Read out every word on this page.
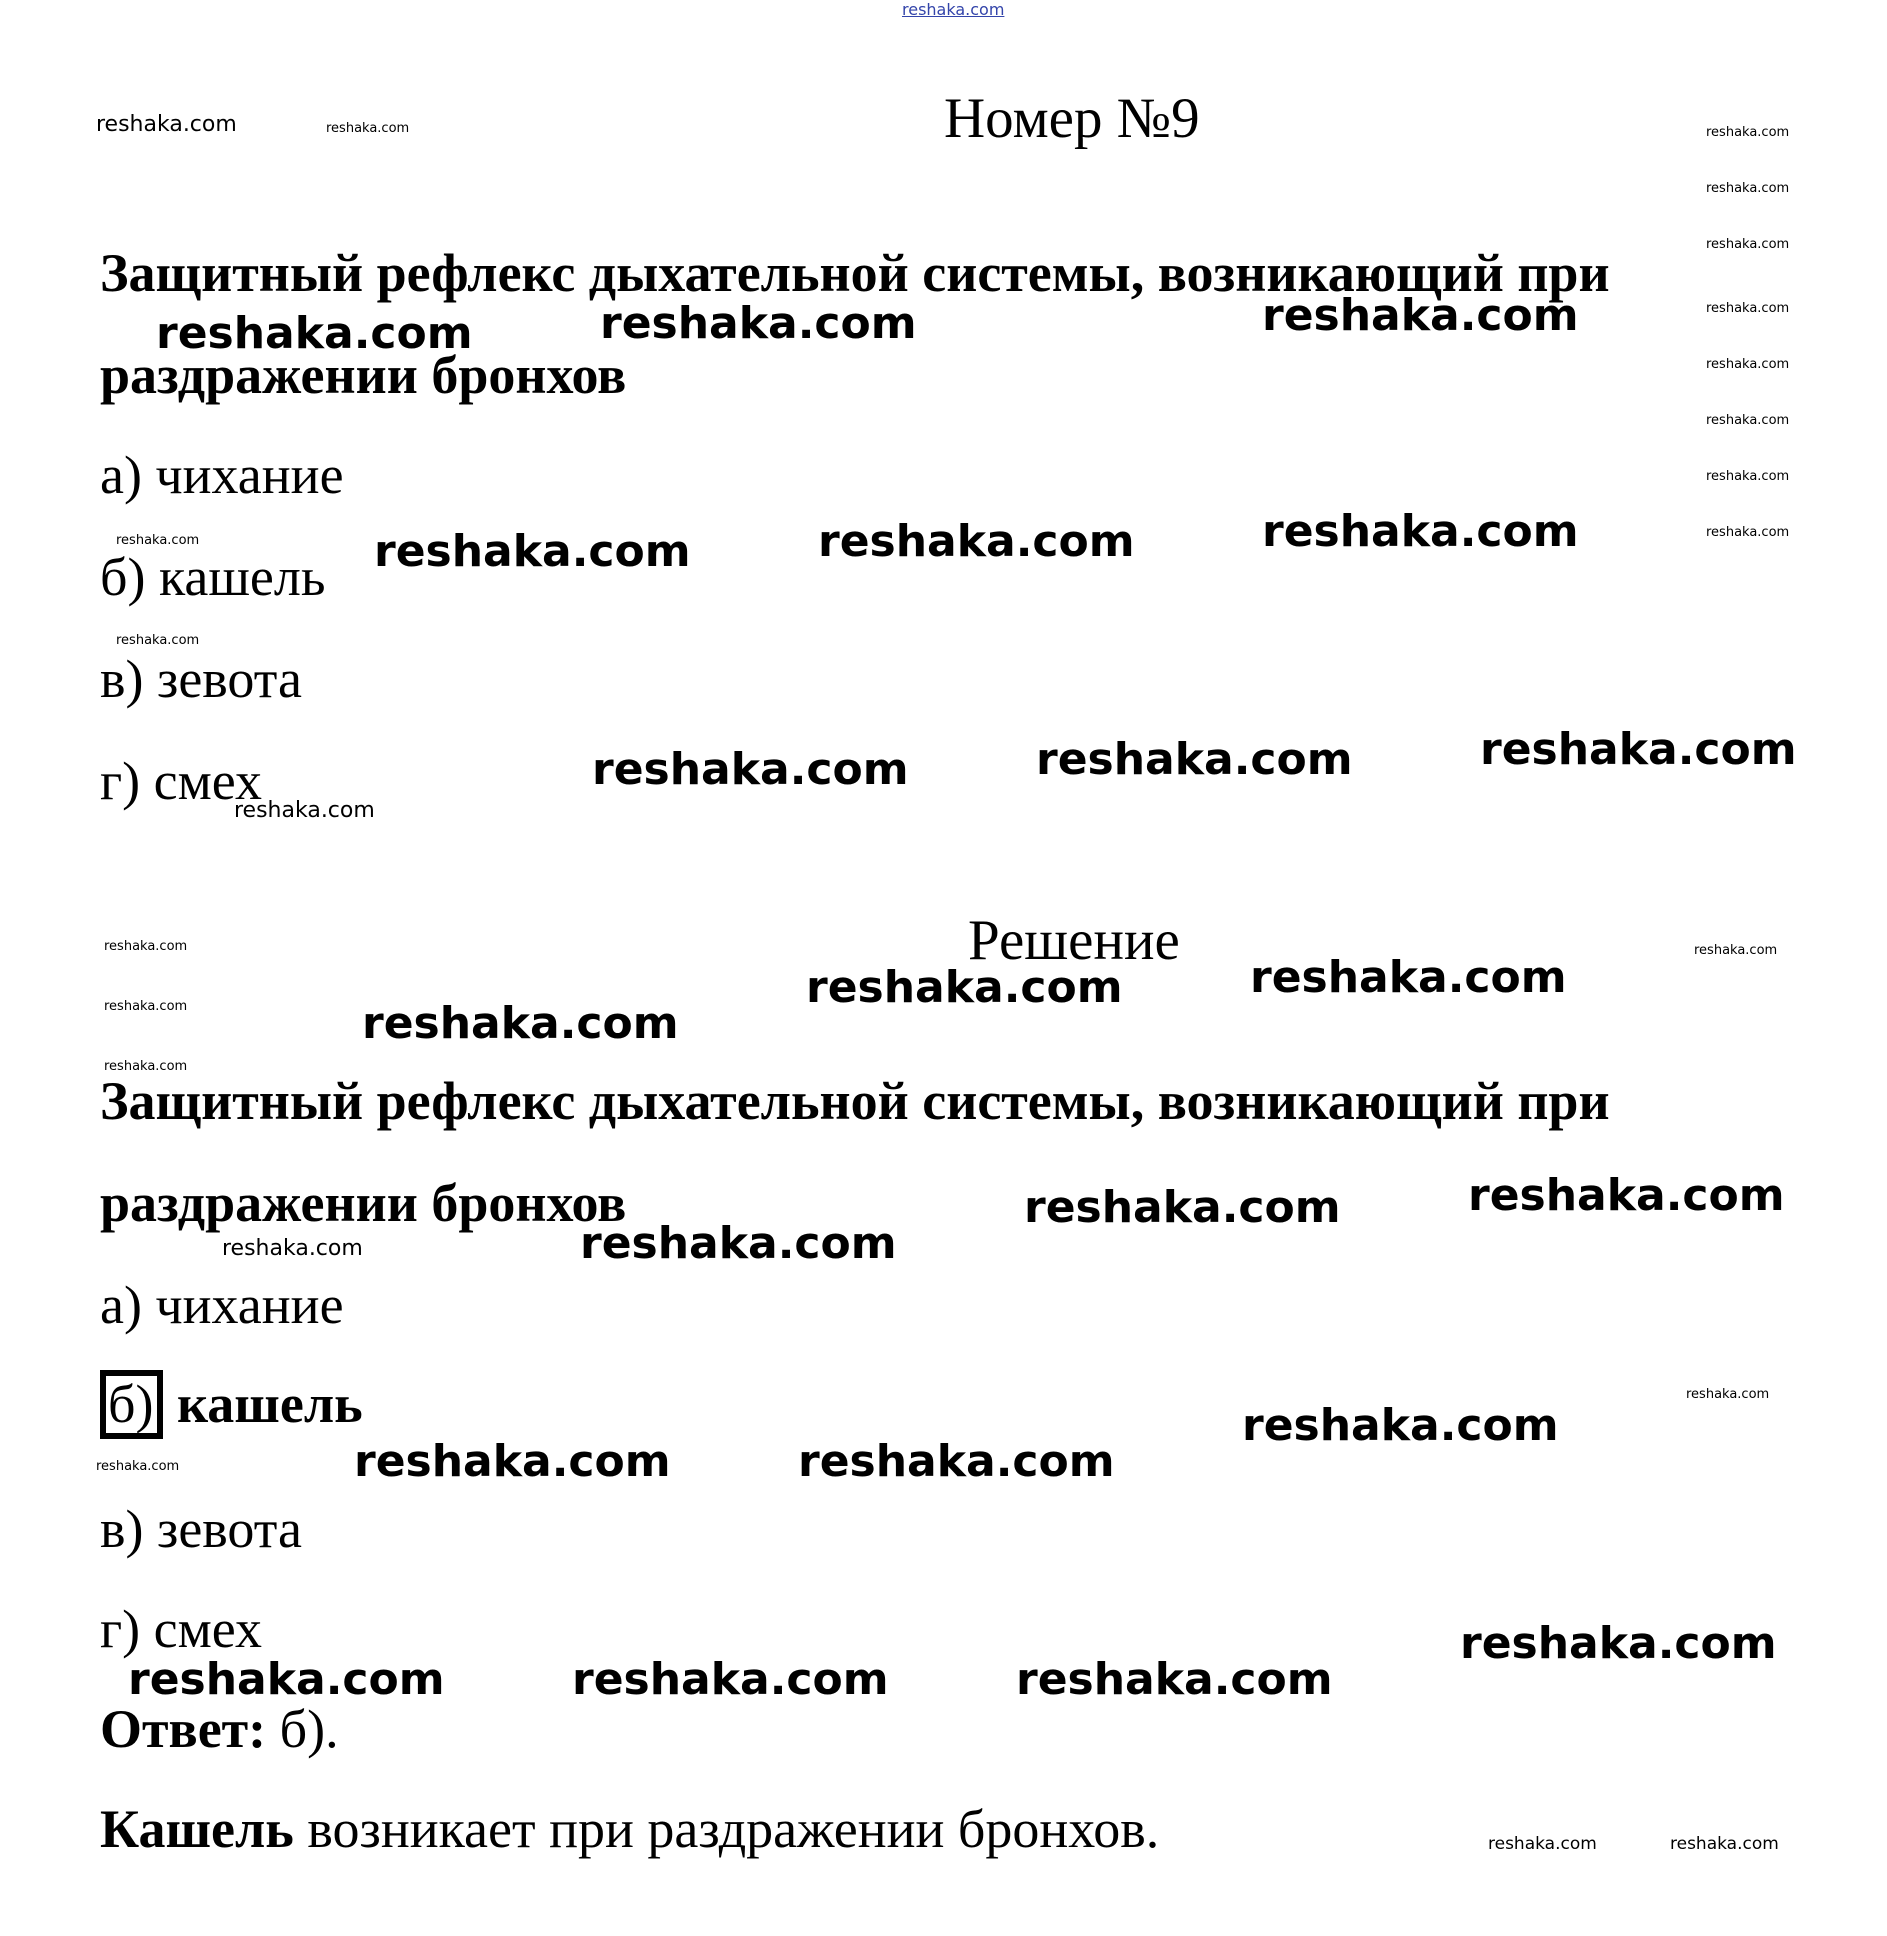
reshaka.com
Номер №9
Защитный рефлекс дыхательной системы, возникающий при
раздражении бронхов
а) чихание
б) кашель
в) зевота
г) смех
Решение
Защитный рефлекс дыхательной системы, возникающий при
раздражении бронхов
а) чихание
б) кашель
в) зевота
г) смех
Ответ: б).
Кашель возникает при раздражении бронхов.
reshaka.com	reshaka.com	reshaka.com
reshaka.com	reshaka.com	reshaka.com
reshaka.com	reshaka.com	reshaka.com
reshaka.com	reshaka.com
reshaka.com
reshaka.com	reshaka.com
reshaka.com
reshaka.com
reshaka.com	reshaka.com
reshaka.com
reshaka.com	reshaka.com	reshaka.com
reshaka.com
reshaka.com
reshaka.com
reshaka.com	reshaka.com
reshaka.com
reshaka.com
reshaka.com
reshaka.com
reshaka.com
reshaka.com
reshaka.com
reshaka.com
reshaka.com
reshaka.com	reshaka.com
reshaka.com
reshaka.com
reshaka.com
reshaka.com
reshaka.com	reshaka.com
